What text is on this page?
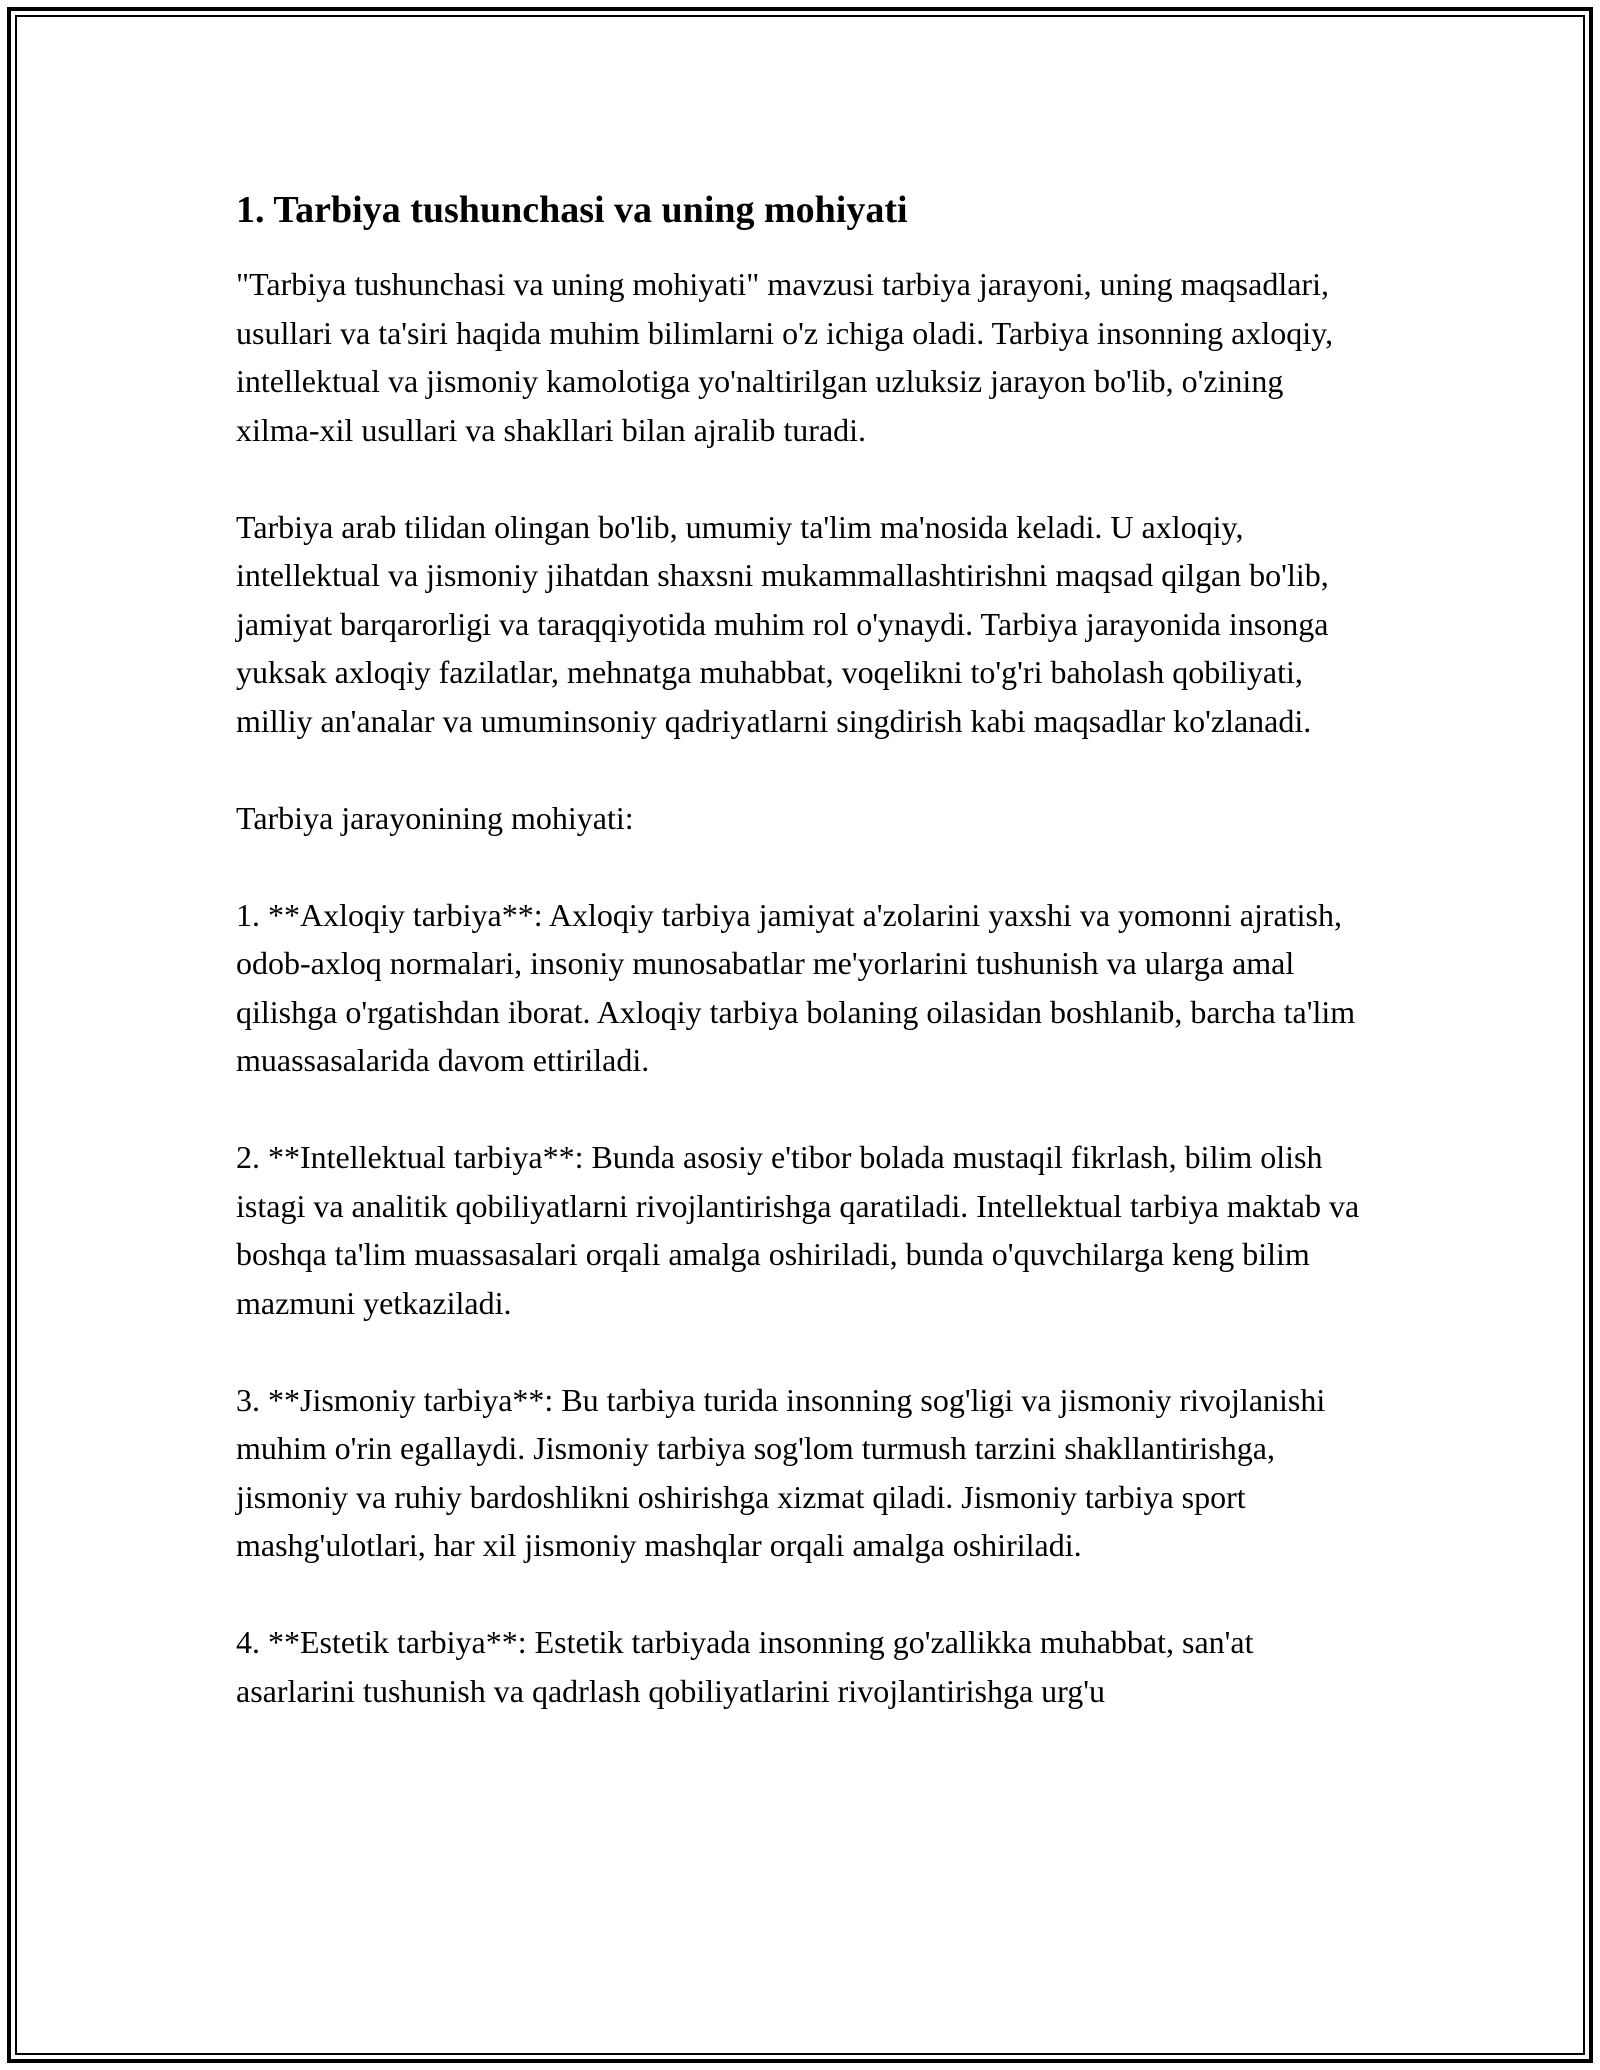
1. Tarbiya tushunchasi va uning mohiyati

"Tarbiya tushunchasi va uning mohiyati" mavzusi tarbiya jarayoni, uning maqsadlari, usullari va ta'siri haqida muhim bilimlarni o'z ichiga oladi. Tarbiya insonning axloqiy, intellektual va jismoniy kamolotiga yo'naltirilgan uzluksiz jarayon bo'lib, o'zining xilma-xil usullari va shakllari bilan ajralib turadi.

Tarbiya arab tilidan olingan bo'lib, umumiy ta'lim ma'nosida keladi. U axloqiy, intellektual va jismoniy jihatdan shaxsni mukammallashtirishni maqsad qilgan bo'lib, jamiyat barqarorligi va taraqqiyotida muhim rol o'ynaydi. Tarbiya jarayonida insonga yuksak axloqiy fazilatlar, mehnatga muhabbat, voqelikni to'g'ri baholash qobiliyati, milliy an'analar va umuminsoniy qadriyatlarni singdirish kabi maqsadlar ko'zlanadi.

Tarbiya jarayonining mohiyati:

1. **Axloqiy tarbiya**: Axloqiy tarbiya jamiyat a'zolarini yaxshi va yomonni ajratish, odob-axloq normalari, insoniy munosabatlar me'yorlarini tushunish va ularga amal qilishga o'rgatishdan iborat. Axloqiy tarbiya bolaning oilasidan boshlanib, barcha ta'lim muassasalarida davom ettiriladi.

2. **Intellektual tarbiya**: Bunda asosiy e'tibor bolada mustaqil fikrlash, bilim olish istagi va analitik qobiliyatlarni rivojlantirishga qaratiladi. Intellektual tarbiya maktab va boshqa ta'lim muassasalari orqali amalga oshiriladi, bunda o'quvchilarga keng bilim mazmuni yetkaziladi.

3. **Jismoniy tarbiya**: Bu tarbiya turida insonning sog'ligi va jismoniy rivojlanishi muhim o'rin egallaydi. Jismoniy tarbiya sog'lom turmush tarzini shakllantirishga, jismoniy va ruhiy bardoshlikni oshirishga xizmat qiladi. Jismoniy tarbiya sport mashg'ulotlari, har xil jismoniy mashqlar orqali amalga oshiriladi.

4. **Estetik tarbiya**: Estetik tarbiyada insonning go'zallikka muhabbat, san'at asarlarini tushunish va qadrlash qobiliyatlarini rivojlantirishga urg'u
